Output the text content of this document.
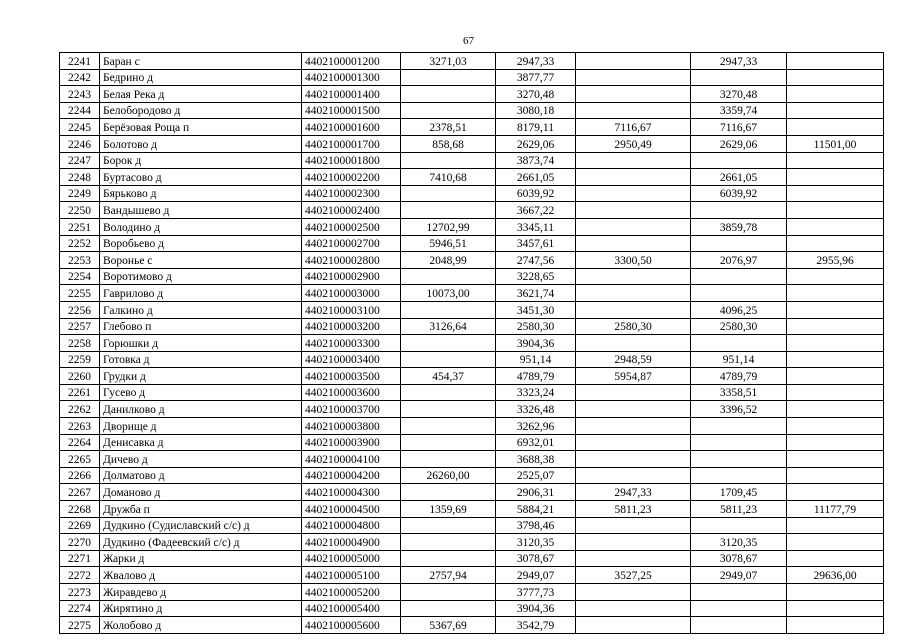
67
2241	Баран с	4402100001200	3271,03	2947,33		2947,33	
2242	Бедрино д	4402100001300		3877,77			
2243	Белая Река д	4402100001400		3270,48		3270,48	
2244	Белобородово д	4402100001500		3080,18		3359,74	
2245	Берёзовая Роща п	4402100001600	2378,51	8179,11	7116,67	7116,67	
2246	Болотово д	4402100001700	858,68	2629,06	2950,49	2629,06	11501,00
2247	Борок д	4402100001800		3873,74			
2248	Буртасово д	4402100002200	7410,68	2661,05		2661,05	
2249	Бярьково д	4402100002300		6039,92		6039,92	
2250	Вандышево д	4402100002400		3667,22			
2251	Володино д	4402100002500	12702,99	3345,11		3859,78	
2252	Воробьево д	4402100002700	5946,51	3457,61			
2253	Воронье с	4402100002800	2048,99	2747,56	3300,50	2076,97	2955,96
2254	Воротимово д	4402100002900		3228,65			
2255	Гаврилово д	4402100003000	10073,00	3621,74			
2256	Галкино д	4402100003100		3451,30		4096,25	
2257	Глебово п	4402100003200	3126,64	2580,30	2580,30	2580,30	
2258	Горюшки д	4402100003300		3904,36			
2259	Готовка д	4402100003400		951,14	2948,59	951,14	
2260	Грудки д	4402100003500	454,37	4789,79	5954,87	4789,79	
2261	Гусево д	4402100003600		3323,24		3358,51	
2262	Данилково д	4402100003700		3326,48		3396,52	
2263	Дворище д	4402100003800		3262,96			
2264	Денисавка д	4402100003900		6932,01			
2265	Дичево д	4402100004100		3688,38			
2266	Долматово д	4402100004200	26260,00	2525,07			
2267	Доманово д	4402100004300		2906,31	2947,33	1709,45	
2268	Дружба п	4402100004500	1359,69	5884,21	5811,23	5811,23	11177,79
2269	Дудкино (Судиславский с/с) д	4402100004800		3798,46			
2270	Дудкино (Фадеевский с/с) д	4402100004900		3120,35		3120,35	
2271	Жарки д	4402100005000		3078,67		3078,67	
2272	Жвалово д	4402100005100	2757,94	2949,07	3527,25	2949,07	29636,00
2273	Жиравдево д	4402100005200		3777,73			
2274	Жирятино д	4402100005400		3904,36			
2275	Жолобово д	4402100005600	5367,69	3542,79			
